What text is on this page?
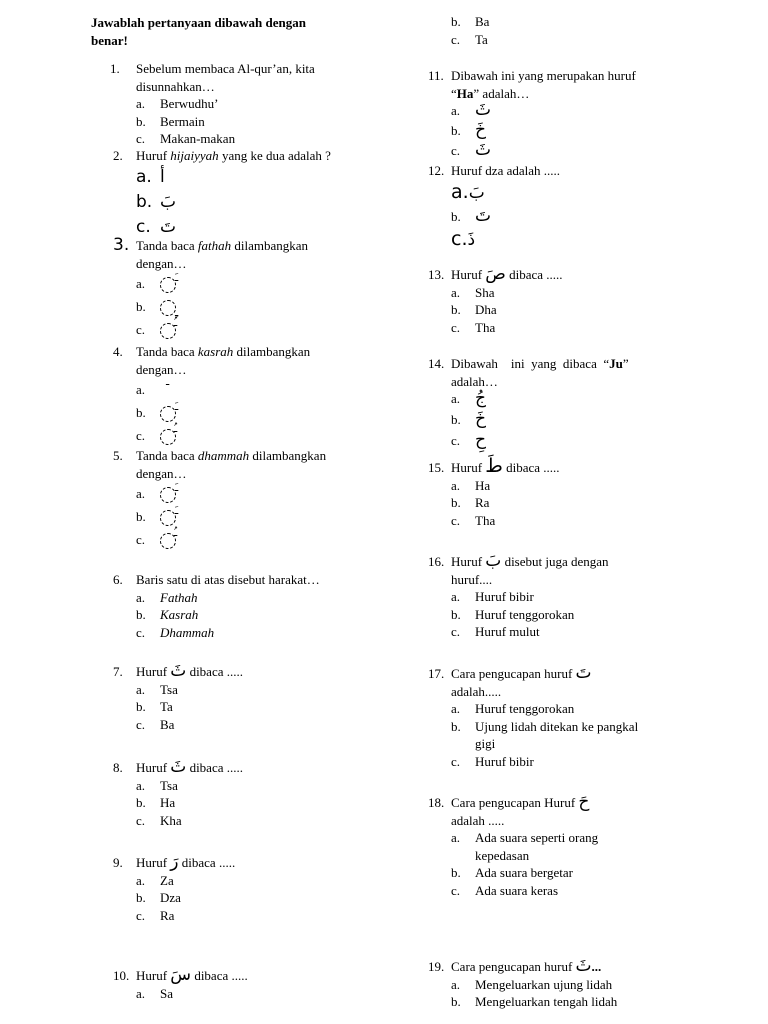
Jawablah pertanyaan dibawah dengan
benar!
1. Sebelum membaca Al-qur’an, kita
disunnahkan…
a. Berwudhu’
b. Bermain
c. Makan-makan
2. Huruf hijaiyyah yang ke dua adalah ?
a. أ
b. بَ
c. تَ
3. Tanda baca fathah dilambangkan
dengan…
a.	ـَ
b.	ـِ
c.	ـُ
4. Tanda baca kasrah dilambangkan
dengan…
a.
ـ
b.	ـَ
c.	ـُ
5. Tanda baca dhammah dilambangkan
dengan…
a.	ـَ
b.	ـَ
c.	ـُ
6. Baris satu di atas disebut harakat…
a. Fathah
b. Kasrah
c. Dhammah
7. Huruf ثَ dibaca .....
a. Tsa
b. Ta
c. Ba
8. Huruf ثَ dibaca .....
a. Tsa
b. Ha
c. Kha
9. Huruf رَ dibaca .....
a. Za
b. Dza
c. Ra
10. Huruf سَ dibaca .....
a. Sa
b. Ba
c. Ta
11. Dibawah ini yang merupakan huruf
“Ha” adalah…
a. ثَ
b. خَ
c. ثَ
12. Huruf dza adalah .....
a.بَ
b. تَ
c.ذَ
13. Huruf صَ dibaca .....
a. Sha
b. Dha
c. Tha
14. Dibawah    ini  yang  dibaca  “Ju”
adalah…
a. جُ
b. خَ
c. حِ
15. Huruf طَ dibaca .....
a. Ha
b. Ra
c. Tha
16. Huruf بَ disebut juga dengan
huruf....
a. Huruf bibir
b. Huruf tenggorokan
c. Huruf mulut
17. Cara pengucapan huruf تَ
adalah.....
a. Huruf tenggorokan
b. Ujung lidah ditekan ke pangkal
gigi
c. Huruf bibir
18. Cara pengucapan Huruf حَ
adalah .....
a. Ada suara seperti orang
kepedasan
b. Ada suara bergetar
c. Ada suara keras
19. Cara pengucapan huruf ثَ...
a. Mengeluarkan ujung lidah
b. Mengeluarkan tengah lidah
